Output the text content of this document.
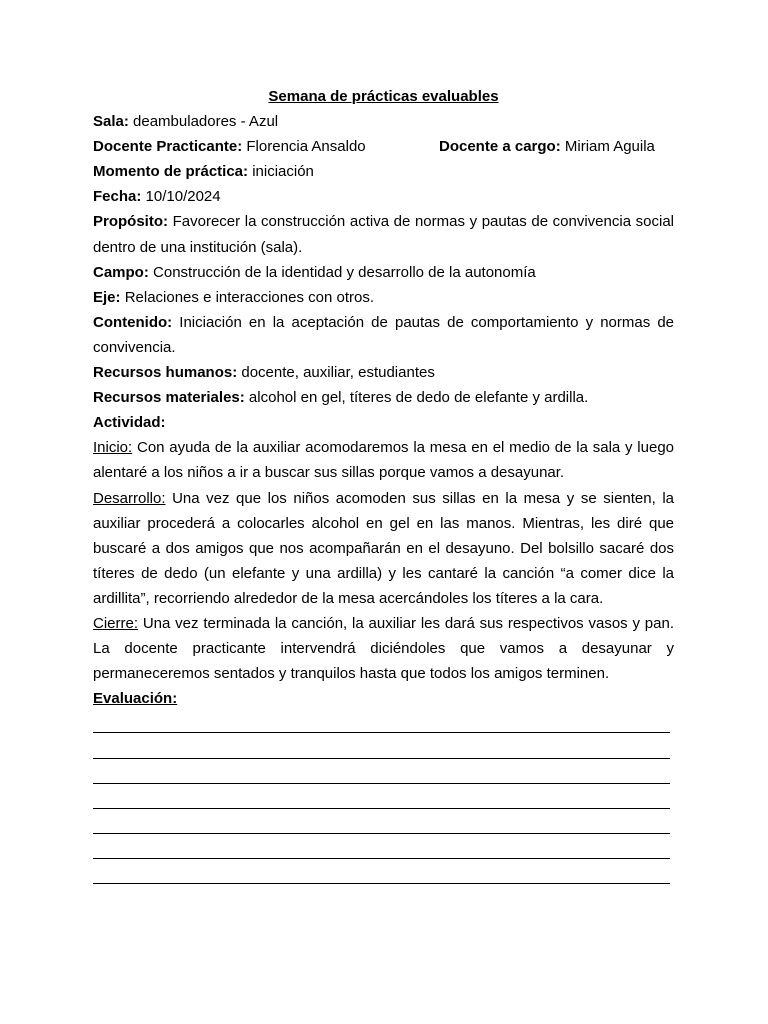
Semana de prácticas evaluables

Sala: deambuladores - Azul

Docente Practicante: Florencia Ansaldo	Docente a cargo: Miriam Aguila

Momento de práctica: iniciación

Fecha: 10/10/2024

Propósito: Favorecer la construcción activa de normas y pautas de convivencia social dentro de una institución (sala).

Campo: Construcción de la identidad y desarrollo de la autonomía

Eje: Relaciones e interacciones con otros.

Contenido: Iniciación en la aceptación de pautas de comportamiento y normas de convivencia.

Recursos humanos: docente, auxiliar, estudiantes

Recursos materiales: alcohol en gel, títeres de dedo de elefante y ardilla.

Actividad:

Inicio: Con ayuda de la auxiliar acomodaremos la mesa en el medio de la sala y luego alentaré a los niños a ir a buscar sus sillas porque vamos a desayunar.

Desarrollo: Una vez que los niños acomoden sus sillas en la mesa y se sienten, la auxiliar procederá a colocarles alcohol en gel en las manos. Mientras, les diré que buscaré a dos amigos que nos acompañarán en el desayuno. Del bolsillo sacaré dos títeres de dedo (un elefante y una ardilla) y les cantaré la canción “a comer dice la ardillita”, recorriendo alrededor de la mesa acercándoles los títeres a la cara.

Cierre: Una vez terminada la canción, la auxiliar les dará sus respectivos vasos y pan. La docente practicante intervendrá diciéndoles que vamos a desayunar y permaneceremos sentados y tranquilos hasta que todos los amigos terminen.

Evaluación:
